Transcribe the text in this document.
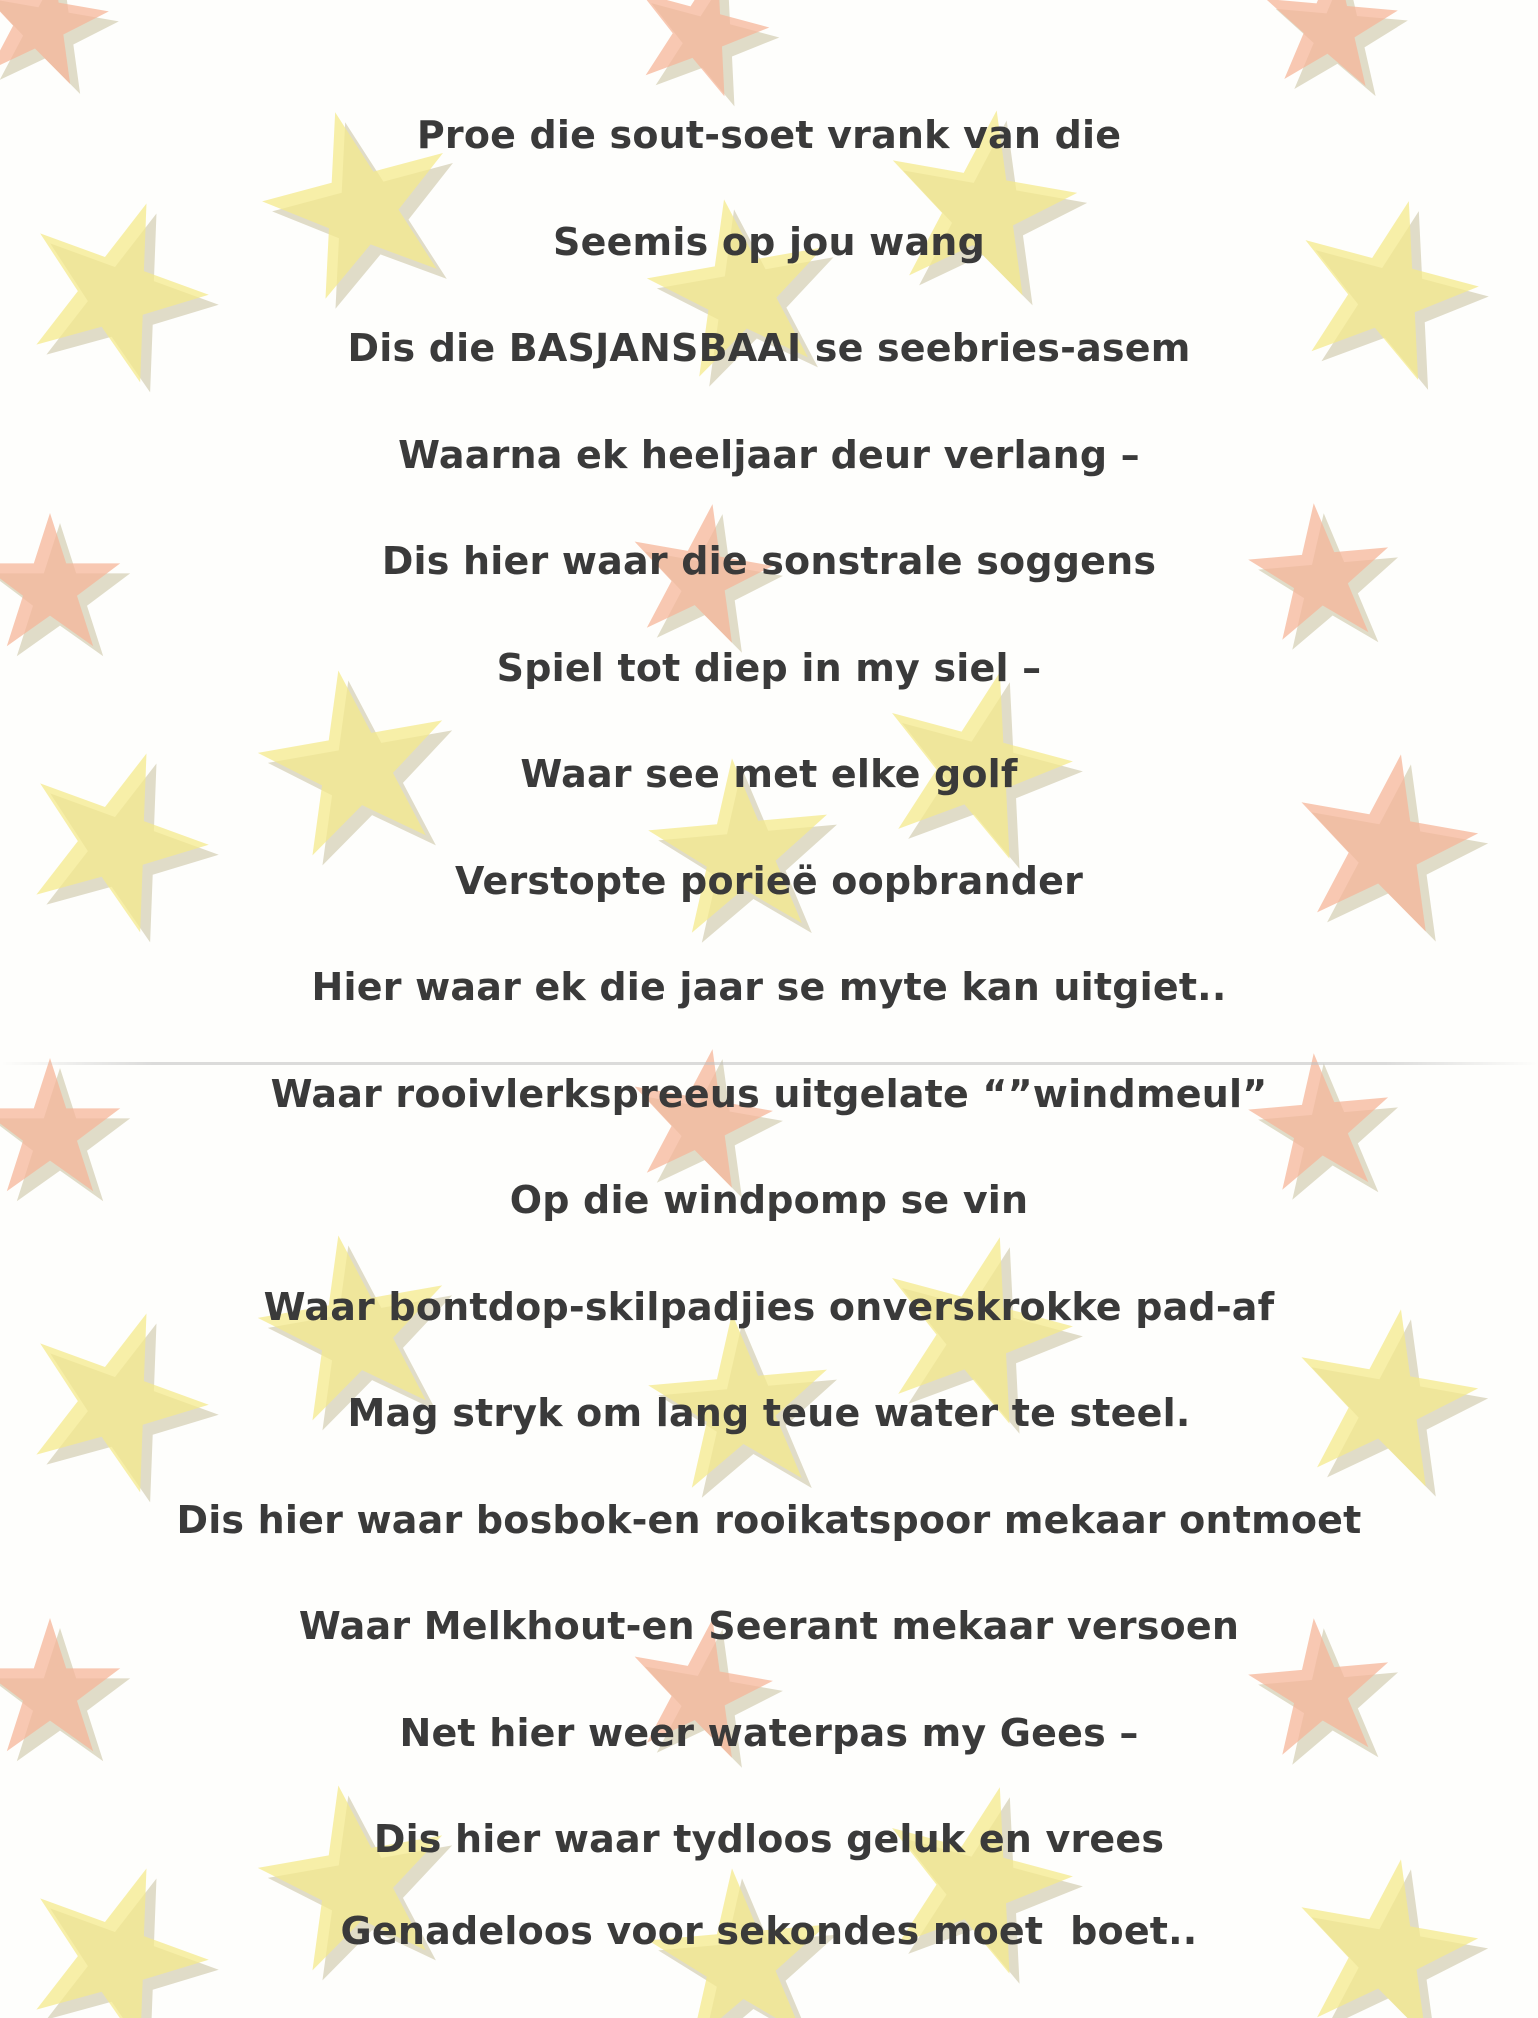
Proe die sout-soet vrank van die
Seemis op jou wang
Dis die BASJANSBAAI se seebries-asem
Waarna ek heeljaar deur verlang –
Dis hier waar die sonstrale soggens
Spiel tot diep in my siel –
Waar see met elke golf
Verstopte porieë oopbrander
Hier waar ek die jaar se myte kan uitgiet..
Waar rooivlerkspreeus uitgelate “”windmeul”
Op die windpomp se vin
Waar bontdop-skilpadjies onverskrokke pad-af
Mag stryk om lang teue water te steel.
Dis hier waar bosbok-en rooikatspoor mekaar ontmoet
Waar Melkhout-en Seerant mekaar versoen
Net hier weer waterpas my Gees –
Dis hier waar tydloos geluk en vrees
Genadeloos voor sekondes moet  boet..
